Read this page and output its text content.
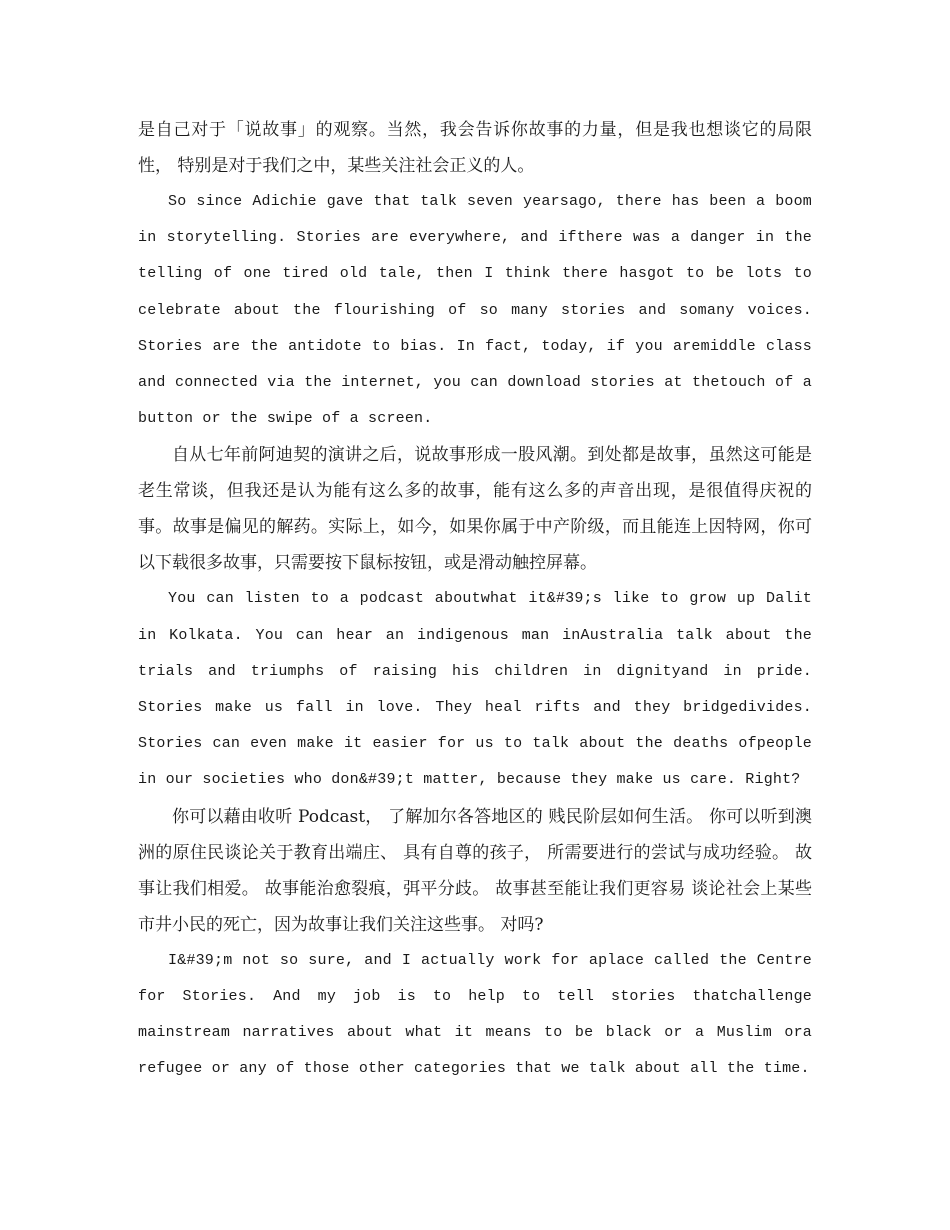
是自己对于「说故事」的观察。当然，我会告诉你故事的力量，但是我也想谈它的局限性， 特别是对于我们之中，某些关注社会正义的人。

So since Adichie gave that talk seven yearsago, there has been a boom in storytelling. Stories are everywhere, and ifthere was a danger in the telling of one tired old tale, then I think there hasgot to be lots to celebrate about the flourishing of so many stories and somany voices. Stories are the antidote to bias. In fact, today, if you aremiddle class and connected via the internet, you can download stories at thetouch of a button or the swipe of a screen.

自从七年前阿迪契的演讲之后，说故事形成一股风潮。到处都是故事，虽然这可能是老生常谈，但我还是认为能有这么多的故事，能有这么多的声音出现，是很值得庆祝的事。故事是偏见的解药。实际上，如今，如果你属于中产阶级，而且能连上因特网，你可以下载很多故事，只需要按下鼠标按钮，或是滑动触控屏幕。

You can listen to a podcast aboutwhat it&#39;s like to grow up Dalit in Kolkata. You can hear an indigenous man inAustralia talk about the trials and triumphs of raising his children in dignityand in pride. Stories make us fall in love. They heal rifts and they bridgedivides. Stories can even make it easier for us to talk about the deaths ofpeople in our societies who don&#39;t matter, because they make us care. Right?

你可以藉由收听 Podcast， 了解加尔各答地区的 贱民阶层如何生活。 你可以听到澳洲的原住民谈论关于教育出端庄、 具有自尊的孩子， 所需要进行的尝试与成功经验。 故事让我们相爱。 故事能治愈裂痕，弭平分歧。 故事甚至能让我们更容易 谈论社会上某些市井小民的死亡，因为故事让我们关注这些事。 对吗?

I&#39;m not so sure, and I actually work for aplace called the Centre for Stories. And my job is to help to tell stories thatchallenge mainstream narratives about what it means to be black or a Muslim ora refugee or any of those other categories that we talk about all the time.
